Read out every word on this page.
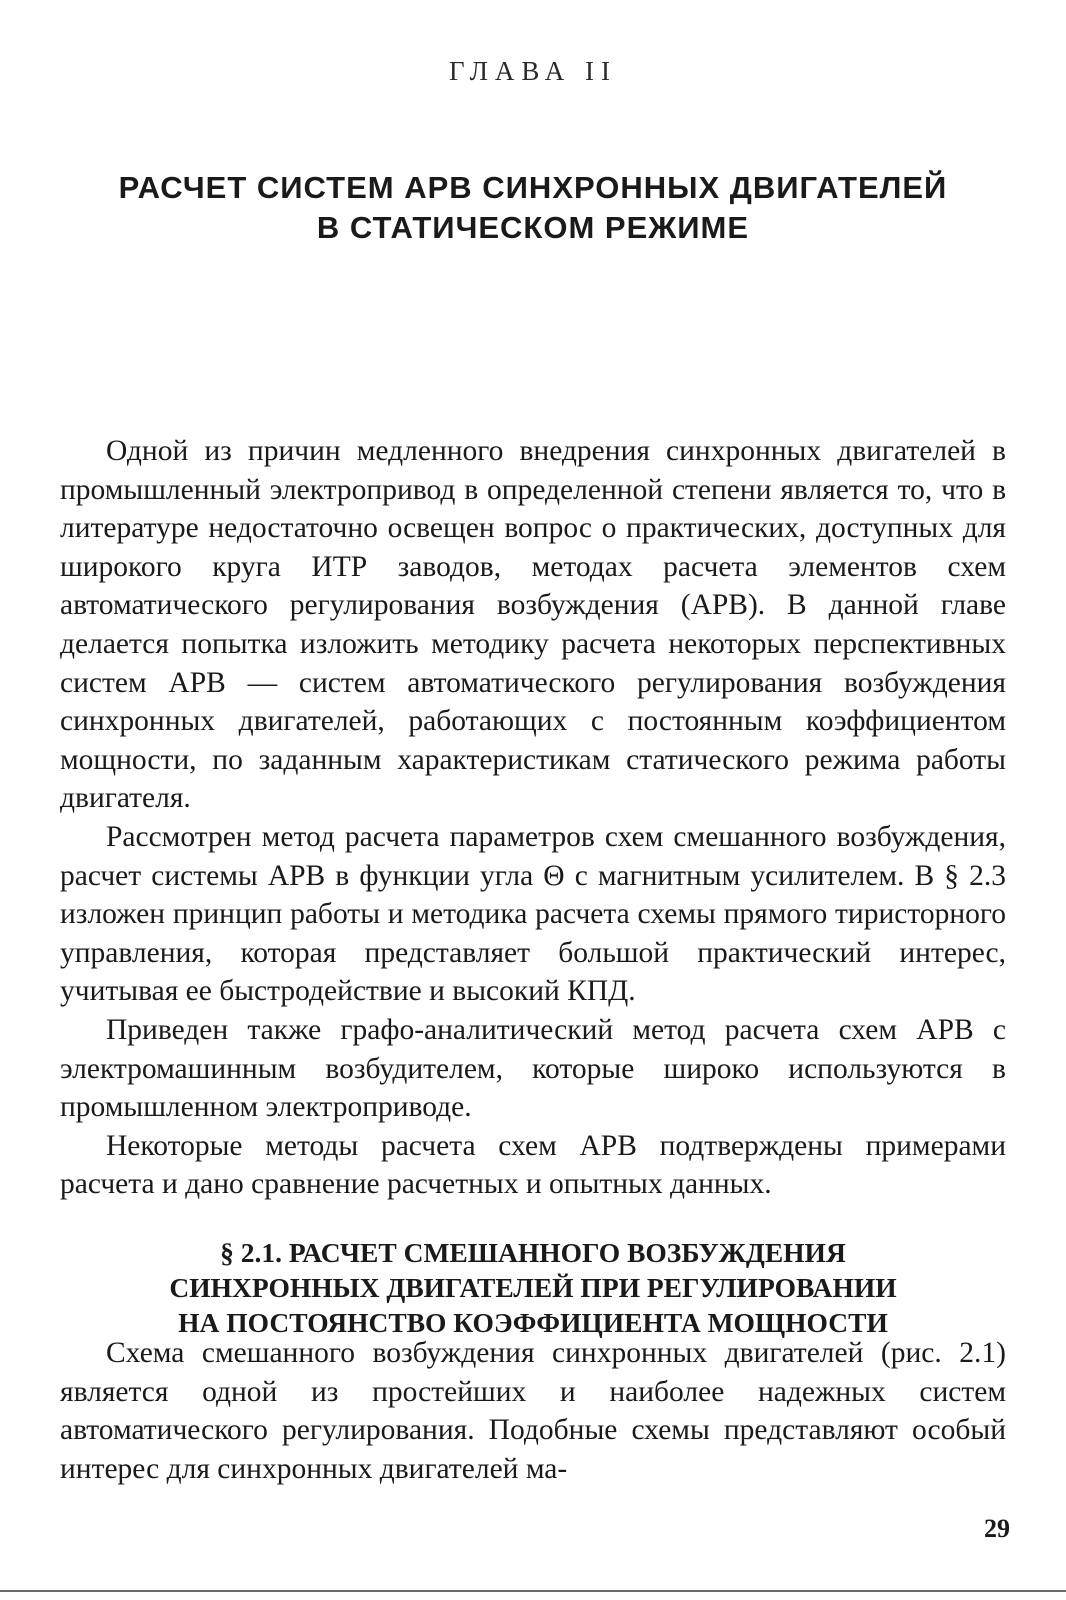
ГЛАВА II
РАСЧЕТ СИСТЕМ АРВ СИНХРОННЫХ ДВИГАТЕЛЕЙ
В СТАТИЧЕСКОМ РЕЖИМЕ

Одной из причин медленного внедрения синхронных двигателей в промышленный электропривод в определенной степени является то, что в литературе недостаточно освещен вопрос о практических, доступных для широкого круга ИТР заводов, методах расчета элементов схем автоматического регулирования возбуждения (АРВ). В данной главе делается попытка изложить методику расчета некоторых перспективных систем АРВ — систем автоматического регулирования возбуждения синхронных двигателей, работающих с постоянным коэффициентом мощности, по заданным характеристикам статического режима работы двигателя.

Рассмотрен метод расчета параметров схем смешанного возбуждения, расчет системы АРВ в функции угла Θ с магнитным усилителем. В § 2.3 изложен принцип работы и методика расчета схемы прямого тиристорного управления, которая представляет большой практический интерес, учитывая ее быстродействие и высокий КПД.

Приведен также графо-аналитический метод расчета схем АРВ с электромашинным возбудителем, которые широко используются в промышленном электроприводе.

Некоторые методы расчета схем АРВ подтверждены примерами расчета и дано сравнение расчетных и опытных данных.

§ 2.1. РАСЧЕТ СМЕШАННОГО ВОЗБУЖДЕНИЯ
СИНХРОННЫХ ДВИГАТЕЛЕЙ ПРИ РЕГУЛИРОВАНИИ
НА ПОСТОЯНСТВО КОЭФФИЦИЕНТА МОЩНОСТИ

Схема смешанного возбуждения синхронных двигателей (рис. 2.1) является одной из простейших и наиболее надежных систем автоматического регулирования. Подобные схемы представляют особый интерес для синхронных двигателей ма-

29
